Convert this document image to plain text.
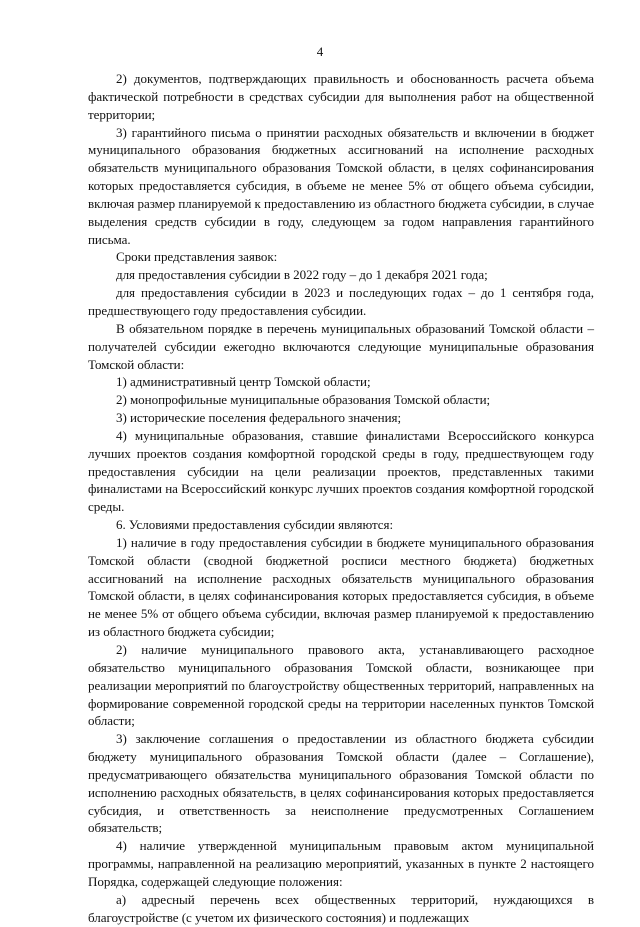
4

2) документов, подтверждающих правильность и обоснованность расчета объема фактической потребности в средствах субсидии для выполнения работ на общественной территории;

3) гарантийного письма о принятии расходных обязательств и включении в бюджет муниципального образования бюджетных ассигнований на исполнение расходных обязательств муниципального образования Томской области, в целях софинансирования которых предоставляется субсидия, в объеме не менее 5% от общего объема субсидии, включая размер планируемой к предоставлению из областного бюджета субсидии, в случае выделения средств субсидии в году, следующем за годом направления гарантийного письма.

Сроки представления заявок:

для предоставления субсидии в 2022 году – до 1 декабря 2021 года;

для предоставления субсидии в 2023 и последующих годах – до 1 сентября года, предшествующего году предоставления субсидии.

В обязательном порядке в перечень муниципальных образований Томской области – получателей субсидии ежегодно включаются следующие муниципальные образования Томской области:

1) административный центр Томской области;

2) монопрофильные муниципальные образования Томской области;

3) исторические поселения федерального значения;

4) муниципальные образования, ставшие финалистами Всероссийского конкурса лучших проектов создания комфортной городской среды в году, предшествующем году предоставления субсидии на цели реализации проектов, представленных такими финалистами на Всероссийский конкурс лучших проектов создания комфортной городской среды.

6. Условиями предоставления субсидии являются:

1) наличие в году предоставления субсидии в бюджете муниципального образования Томской области (сводной бюджетной росписи местного бюджета) бюджетных ассигнований на исполнение расходных обязательств муниципального образования Томской области, в целях софинансирования которых предоставляется субсидия, в объеме не менее 5% от общего объема субсидии, включая размер планируемой к предоставлению из областного бюджета субсидии;

2) наличие муниципального правового акта, устанавливающего расходное обязательство муниципального образования Томской области, возникающее при реализации мероприятий по благоустройству общественных территорий, направленных на формирование современной городской среды на территории населенных пунктов Томской области;

3) заключение соглашения о предоставлении из областного бюджета субсидии бюджету муниципального образования Томской области (далее – Соглашение), предусматривающего обязательства муниципального образования Томской области по исполнению расходных обязательств, в целях софинансирования которых предоставляется субсидия, и ответственность за неисполнение предусмотренных Соглашением обязательств;

4) наличие утвержденной муниципальным правовым актом муниципальной программы, направленной на реализацию мероприятий, указанных в пункте 2 настоящего Порядка, содержащей следующие положения:

а) адресный перечень всех общественных территорий, нуждающихся в благоустройстве (с учетом их физического состояния) и подлежащих
